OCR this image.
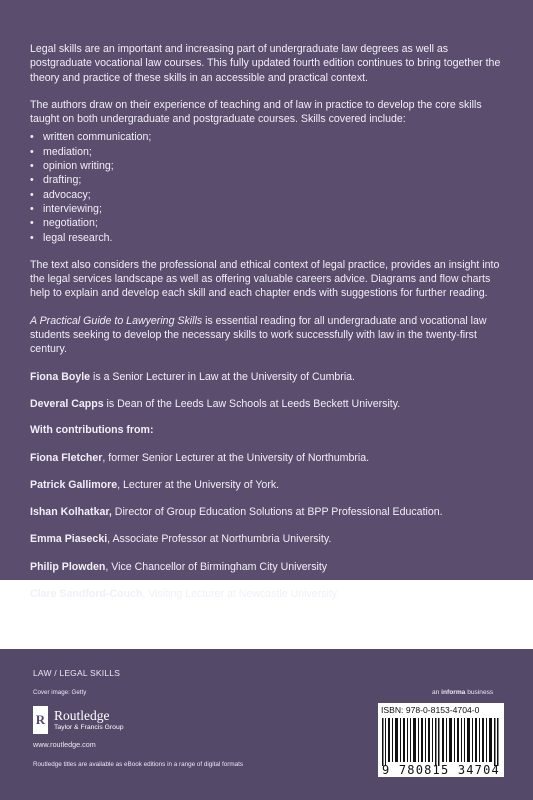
Legal skills are an important and increasing part of undergraduate law degrees as well as postgraduate vocational law courses. This fully updated fourth edition continues to bring together the theory and practice of these skills in an accessible and practical context.

The authors draw on their experience of teaching and of law in practice to develop the core skills taught on both undergraduate and postgraduate courses. Skills covered include:

• written communication;
• mediation;
• opinion writing;
• drafting;
• advocacy;
• interviewing;
• negotiation;
• legal research.

The text also considers the professional and ethical context of legal practice, provides an insight into the legal services landscape as well as offering valuable careers advice. Diagrams and flow charts help to explain and develop each skill and each chapter ends with suggestions for further reading.

A Practical Guide to Lawyering Skills is essential reading for all undergraduate and vocational law students seeking to develop the necessary skills to work successfully with law in the twenty-first century.

Fiona Boyle is a Senior Lecturer in Law at the University of Cumbria.

Deveral Capps is Dean of the Leeds Law Schools at Leeds Beckett University.

With contributions from:

Fiona Fletcher, former Senior Lecturer at the University of Northumbria.

Patrick Gallimore, Lecturer at the University of York.

Ishan Kolhatkar, Director of Group Education Solutions at BPP Professional Education.

Emma Piasecki, Associate Professor at Northumbria University.

Philip Plowden, Vice Chancellor of Birmingham City University

Clare Sandford-Couch, Visiting Lecturer at Newcastle University.

LAW / LEGAL SKILLS
Cover image: Getty	an informa business
R Routledge
Taylor & Francis Group
www.routledge.com
Routledge titles are available as eBook editions in a range of digital formats
ISBN: 978-0-8153-4704-0
9 780815 34704
